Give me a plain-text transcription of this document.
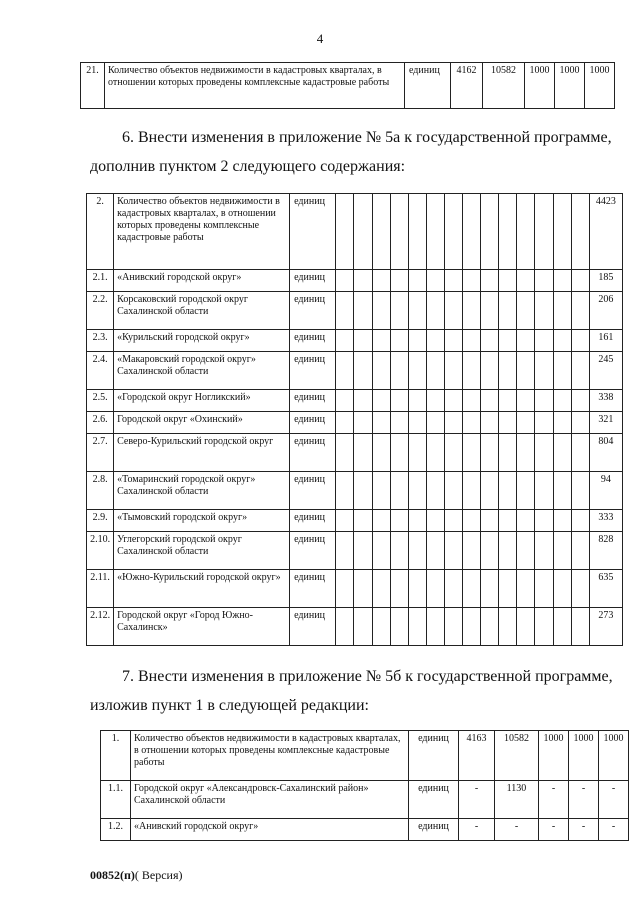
4
21.	Количество объектов недвижимости в кадастровых кварталах, в отношении которых проведены комплексные кадастровые работы	единиц	4162	10582	1000	1000	1000

6. Внести изменения в приложение № 5а к государственной программе,

дополнив пунктом 2 следующего содержания:

2.	Количество объектов недвижимости в кадастровых кварталах, в отношении которых проведены комплексные кадастровые работы	единиц															4423
2.1.	«Анивский городской округ»	единиц															185
2.2.	Корсаковский городской округ Сахалинской области	единиц															206
2.3.	«Курильский городской округ»	единиц															161
2.4.	«Макаровский городской округ» Сахалинской области	единиц															245
2.5.	«Городской округ Ногликский»	единиц															338
2.6.	Городской округ «Охинский»	единиц															321
2.7.	Северо-Курильский городской округ	единиц															804
2.8.	«Томаринский городской округ» Сахалинской области	единиц															94
2.9.	«Тымовский городской округ»	единиц															333
2.10.	Углегорский городской округ Сахалинской области	единиц															828
2.11.	«Южно-Курильский городской округ»	единиц															635
2.12.	Городской округ «Город Южно-Сахалинск»	единиц															273

7. Внести изменения в приложение № 5б к государственной программе,

изложив пункт 1 в следующей редакции:

1.	Количество объектов недвижимости в кадастровых кварталах, в отношении которых проведены комплексные кадастровые работы	единиц	4163	10582	1000	1000	1000
1.1.	Городской округ «Александровск-Сахалинский район» Сахалинской области	единиц	-	1130	-	-	-
1.2.	«Анивский городской округ»	единиц	-	-	-	-	-
00852(п)( Версия)
